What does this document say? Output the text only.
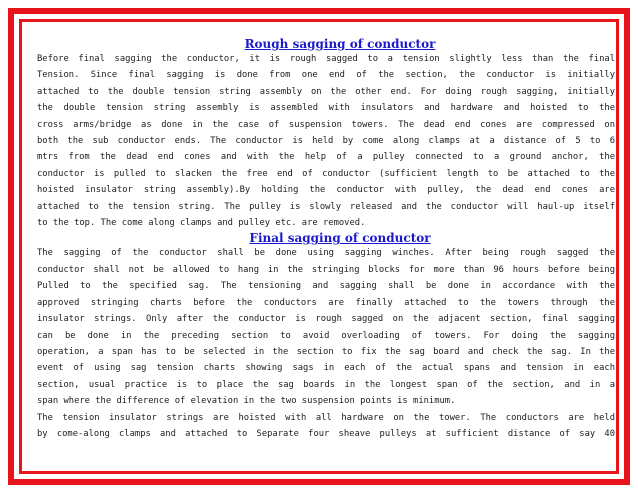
Rough sagging of conductor
Before final sagging the conductor, it is rough sagged to a tension slightly less than the final
Tension. Since final sagging is done from one end of the section, the conductor is initially
attached to the double tension string assembly on the other end. For doing rough sagging, initially
the double tension string assembly is assembled with insulators and hardware and hoisted to the
cross arms/bridge as done in the case of suspension towers. The dead end cones are compressed on
both the sub conductor ends. The conductor is held by come along clamps at a distance of 5 to 6
mtrs from the dead end cones and with the help of a pulley connected to a ground anchor, the
conductor is pulled to slacken the free end of conductor (sufficient length to be attached to the
hoisted insulator string assembly).By holding the conductor with pulley, the dead end cones are
attached to the tension string. The pulley is slowly released and the conductor will haul-up itself
to the top. The come along clamps and pulley etc. are removed.
Final sagging of conductor
The sagging of the conductor shall be done using sagging winches. After being rough sagged the
conductor shall not be allowed to hang in the stringing blocks for more than 96 hours before being
Pulled to the specified sag. The tensioning and sagging shall be done in accordance with the
approved stringing charts before the conductors are finally attached to the towers through the
insulator strings. Only after the conductor is rough sagged on the adjacent section, final sagging
can be done in the preceding section to avoid overloading of towers. For doing the sagging
operation, a span has to be selected in the section to fix the sag board and check the sag. In the
event of using sag tension charts showing sags in each of the actual spans and tension in each
section, usual practice is to place the sag boards in the longest span of the section, and in a
span where the difference of elevation in the two suspension points is minimum.
The tension insulator strings are hoisted with all hardware on the tower. The conductors are held
by come-along clamps and attached to Separate four sheave pulleys at sufficient distance of say 40
